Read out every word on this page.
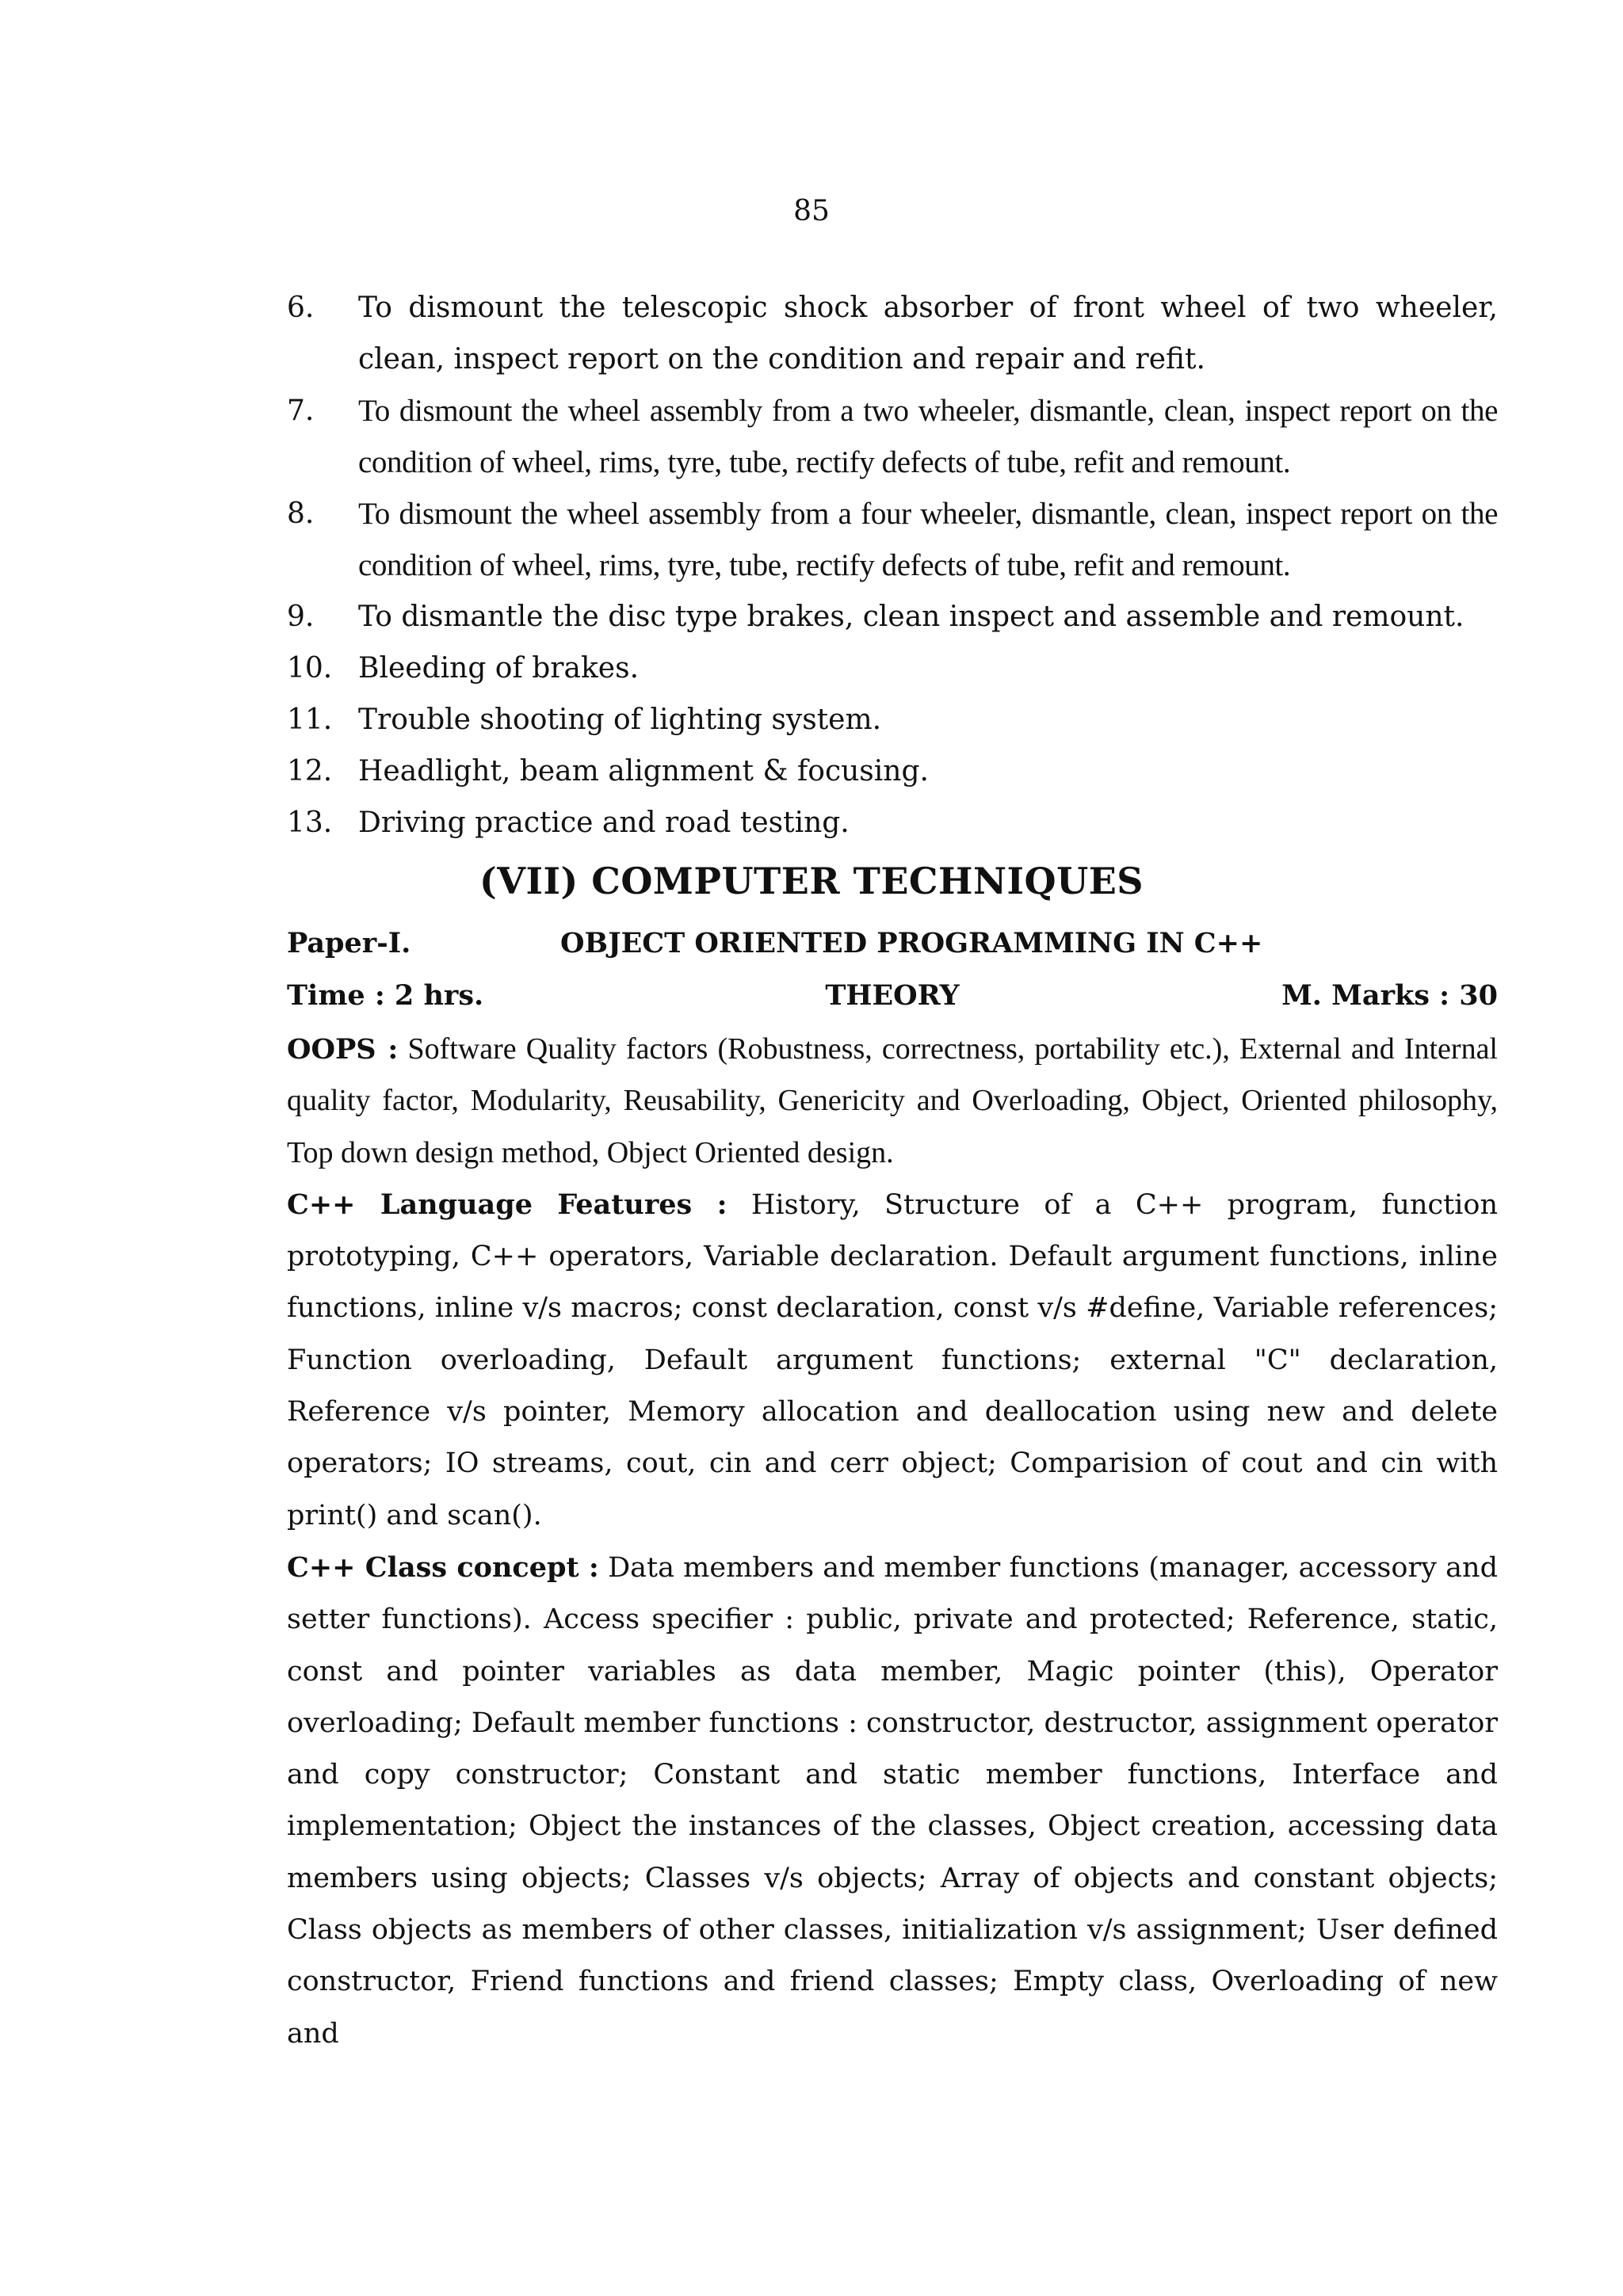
85
6.	To dismount the telescopic shock absorber of front wheel of two wheeler, clean, inspect report on the condition and repair and refit.
7.	To dismount the wheel assembly from a two wheeler, dismantle, clean, inspect report on the condition of wheel, rims, tyre, tube, rectify defects of tube, refit and remount.
8.	To dismount the wheel assembly from a four wheeler, dismantle, clean, inspect report on the condition of wheel, rims, tyre, tube, rectify defects of tube, refit and remount.
9.	To dismantle the disc type brakes, clean inspect and assemble and remount.
10. Bleeding of brakes.
11. Trouble shooting of lighting system.
12. Headlight, beam alignment & focusing.
13. Driving practice and road testing.
(VII) COMPUTER TECHNIQUES
Paper-I.	OBJECT ORIENTED PROGRAMMING IN C++
Time : 2 hrs.	THEORY	M. Marks : 30

OOPS : Software Quality factors (Robustness, correctness, portability etc.), External and Internal quality factor, Modularity, Reusability, Genericity and Overloading, Object, Oriented philosophy, Top down design method, Object Oriented design.

C++ Language Features : History, Structure of a C++ program, function prototyping, C++ operators, Variable declaration. Default argument functions, inline functions, inline v/s macros; const declaration, const v/s #define, Variable references; Function overloading, Default argument functions; external "C" declaration, Reference v/s pointer, Memory allocation and deallocation using new and delete operators; IO streams, cout, cin and cerr object; Comparision of cout and cin with print() and scan().

C++ Class concept : Data members and member functions (manager, accessory and setter functions). Access specifier : public, private and protected; Reference, static, const and pointer variables as data member, Magic pointer (this), Operator overloading; Default member functions : constructor, destructor, assignment operator and copy constructor; Constant and static member functions, Interface and implementation; Object the instances of the classes, Object creation, accessing data members using objects; Classes v/s objects; Array of objects and constant objects; Class objects as members of other classes, initialization v/s assignment; User defined constructor, Friend functions and friend classes; Empty class, Overloading of new and
